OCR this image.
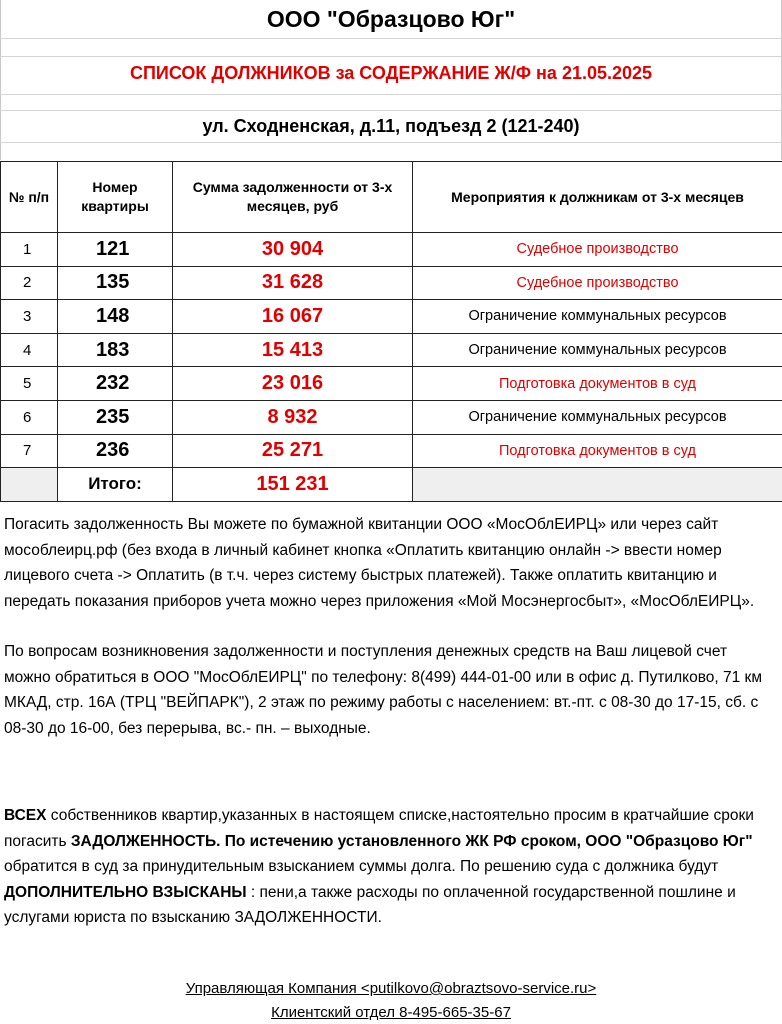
ООО "Образцово Юг"
СПИСОК ДОЛЖНИКОВ за СОДЕРЖАНИЕ Ж/Ф на 21.05.2025
ул. Сходненская, д.11, подъезд 2 (121-240)
№ п/п	Номер квартиры	Сумма задолженности от 3-х месяцев, руб	Мероприятия к должникам от 3-х месяцев
1	121	30 904	Судебное производство
2	135	31 628	Судебное производство
3	148	16 067	Ограничение коммунальных ресурсов
4	183	15 413	Ограничение коммунальных ресурсов
5	232	23 016	Подготовка документов в суд
6	235	8 932	Ограничение коммунальных ресурсов
7	236	25 271	Подготовка документов в суд
	Итого:	151 231	

Погасить задолженность Вы можете по бумажной квитанции ООО «МосОблЕИРЦ» или через сайт мособлеирц.рф (без входа в личный кабинет кнопка «Оплатить квитанцию онлайн -> ввести номер лицевого счета -> Оплатить (в т.ч. через систему быстрых платежей). Также оплатить квитанцию и передать показания приборов учета можно через приложения «Мой Мосэнергосбыт», «МосОблЕИРЦ».

По вопросам возникновения задолженности и поступления денежных средств на Ваш лицевой счет можно обратиться в ООО "МосОблЕИРЦ" по телефону: 8(499) 444-01-00 или в офис д. Путилково, 71 км МКАД, стр. 16А (ТРЦ "ВЕЙПАРК"), 2 этаж по режиму работы с населением: вт.-пт. с 08-30 до 17-15, сб. с 08-30 до 16-00, без перерыва, вс.- пн. – выходные.

ВСЕХ собственников квартир,указанных в настоящем списке,настоятельно просим в кратчайшие сроки погасить ЗАДОЛЖЕННОСТЬ. По истечению установленного ЖК РФ сроком, ООО "Образцово Юг" обратится в суд за принудительным взысканием суммы долга. По решению суда с должника будут ДОПОЛНИТЕЛЬНО ВЗЫСКАНЫ : пени,а также расходы по оплаченной государственной пошлине и услугами юриста по взысканию ЗАДОЛЖЕННОСТИ.

Управляющая Компания <putilkovo@obraztsovo-service.ru>
Клиентский отдел 8-495-665-35-67
